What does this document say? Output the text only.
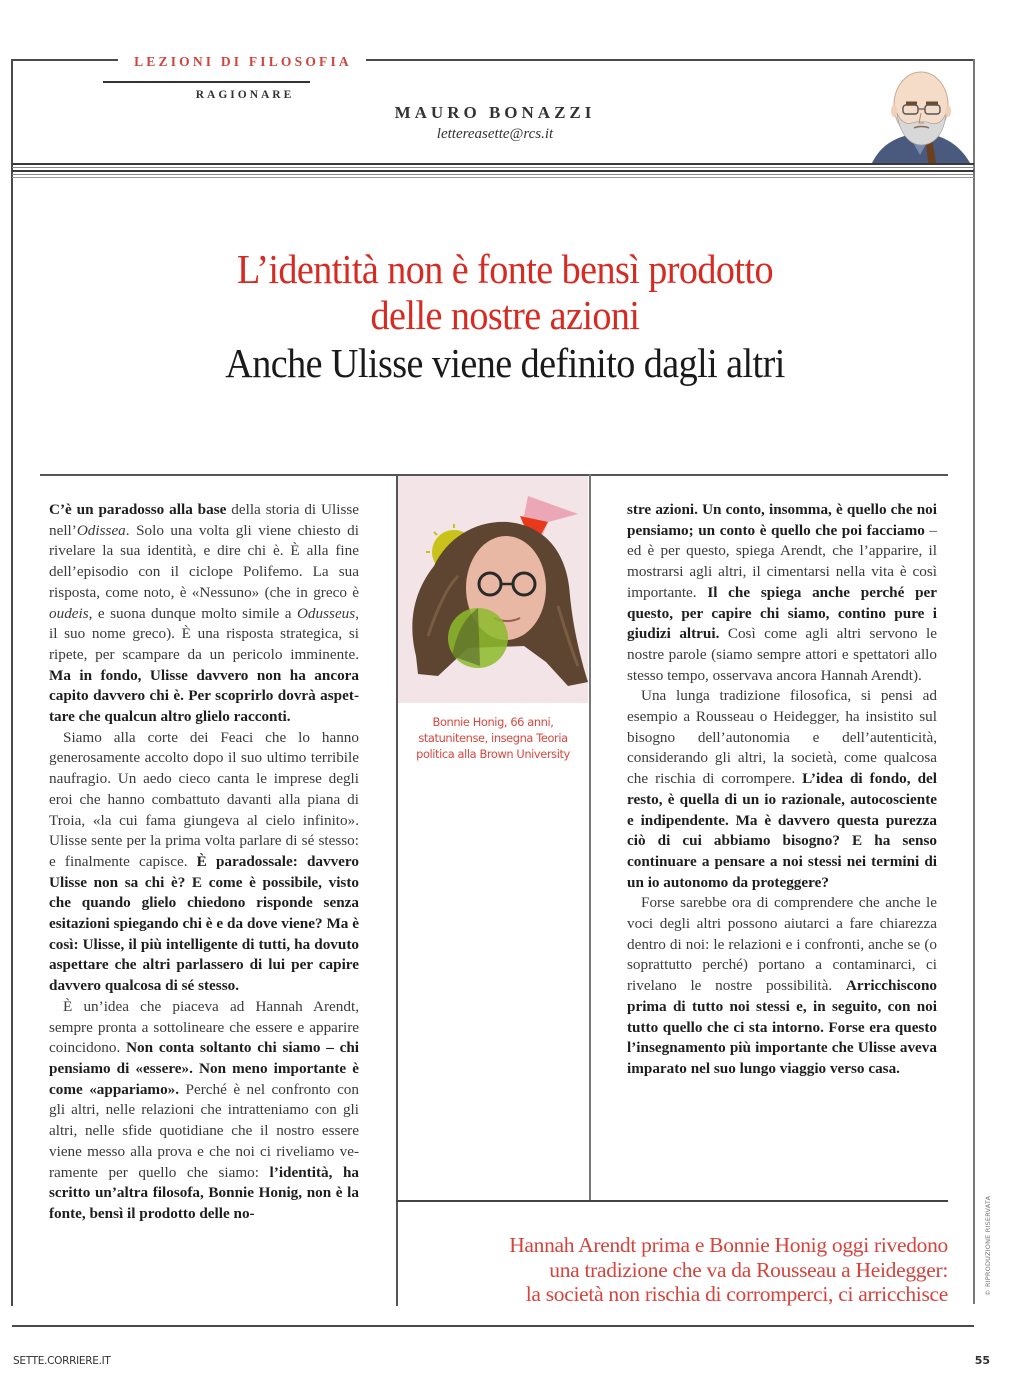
LEZIONI DI FILOSOFIA
RAGIONARE
MAURO BONAZZI
lettereasette@rcs.it
L’identità non è fonte bensì prodotto
delle nostre azioni
Anche Ulisse viene definito dagli altri

C’è un paradosso alla base della storia di Ulisse nell’Odissea. Solo una volta gli viene chiesto di rivelare la sua identità, e dire chi è. È alla fine dell’episodio con il ciclope Polifemo. La sua risposta, come noto, è «Nessuno» (che in greco è oudeis, e suona dunque molto simile a Odusseus, il suo nome greco). È una risposta strategica, si ripete, per scampare da un pericolo imminente. Ma in fondo, Ulisse davvero non ha ancora capito davvero chi è. Per scoprirlo dovrà aspettare che qualcun altro glielo racconti.

Siamo alla corte dei Feaci che lo hanno generosamente accolto dopo il suo ultimo terribile naufragio. Un aedo cieco canta le imprese degli eroi che hanno combattuto davanti alla piana di Troia, «la cui fama giungeva al cielo infinito». Ulisse sente per la prima volta parlare di sé stesso: e finalmente capisce. È paradossale: davvero Ulisse non sa chi è? E come è possibile, visto che quando glielo chiedono risponde senza esitazioni spiegando chi è e da dove viene? Ma è così: Ulisse, il più intelligente di tutti, ha dovuto aspettare che altri parlassero di lui per capire davvero qualcosa di sé stesso.

È un’idea che piaceva ad Hannah Arendt, sempre pronta a sottolineare che essere e apparire coincidono. Non conta soltanto chi siamo – chi pensiamo di «essere». Non meno importante è come «appariamo». Perché è nel confronto con gli altri, nelle relazioni che intratteniamo con gli altri, nelle sfide quotidiane che il nostro essere viene messo alla prova e che noi ci riveliamo veramente per quello che siamo: l’identità, ha scritto un’altra filosofa, Bonnie Honig, non è la fonte, bensì il prodotto delle no-

Bonnie Honig, 66 anni, statunitense, insegna Teoria politica alla Brown University

stre azioni. Un conto, insomma, è quello che noi pensiamo; un conto è quello che poi facciamo – ed è per questo, spiega Arendt, che l’apparire, il mostrarsi agli altri, il cimentarsi nella vita è così importante. Il che spiega anche perché per questo, per capire chi siamo, contino pure i giudizi altrui. Così come agli altri servono le nostre parole (siamo sempre attori e spettatori allo stesso tempo, osservava ancora Hannah Arendt).

Una lunga tradizione filosofica, si pensi ad esempio a Rousseau o Heidegger, ha insistito sul bisogno dell’autonomia e dell’autenticità, considerando gli altri, la società, come qualcosa che rischia di corrompere. L’idea di fondo, del resto, è quella di un io razionale, autocosciente e indipendente. Ma è davvero questa purezza ciò di cui abbiamo bisogno? E ha senso continuare a pensare a noi stessi nei termini di un io autonomo da proteggere?

Forse sarebbe ora di comprendere che anche le voci degli altri possono aiutarci a fare chiarezza dentro di noi: le relazioni e i confronti, anche se (o soprattutto perché) portano a contaminarci, ci rivelano le nostre possibilità. Arricchiscono prima di tutto noi stessi e, in seguito, con noi tutto quello che ci sta intorno. Forse era questo l’insegnamento più importante che Ulisse aveva imparato nel suo lungo viaggio verso casa.

Hannah Arendt prima e Bonnie Honig oggi rivedono
una tradizione che va da Rousseau a Heidegger:
la società non rischia di corromperci, ci arricchisce	© RIPRODUZIONE RISERVATA
SETTE.CORRIERE.IT	55
